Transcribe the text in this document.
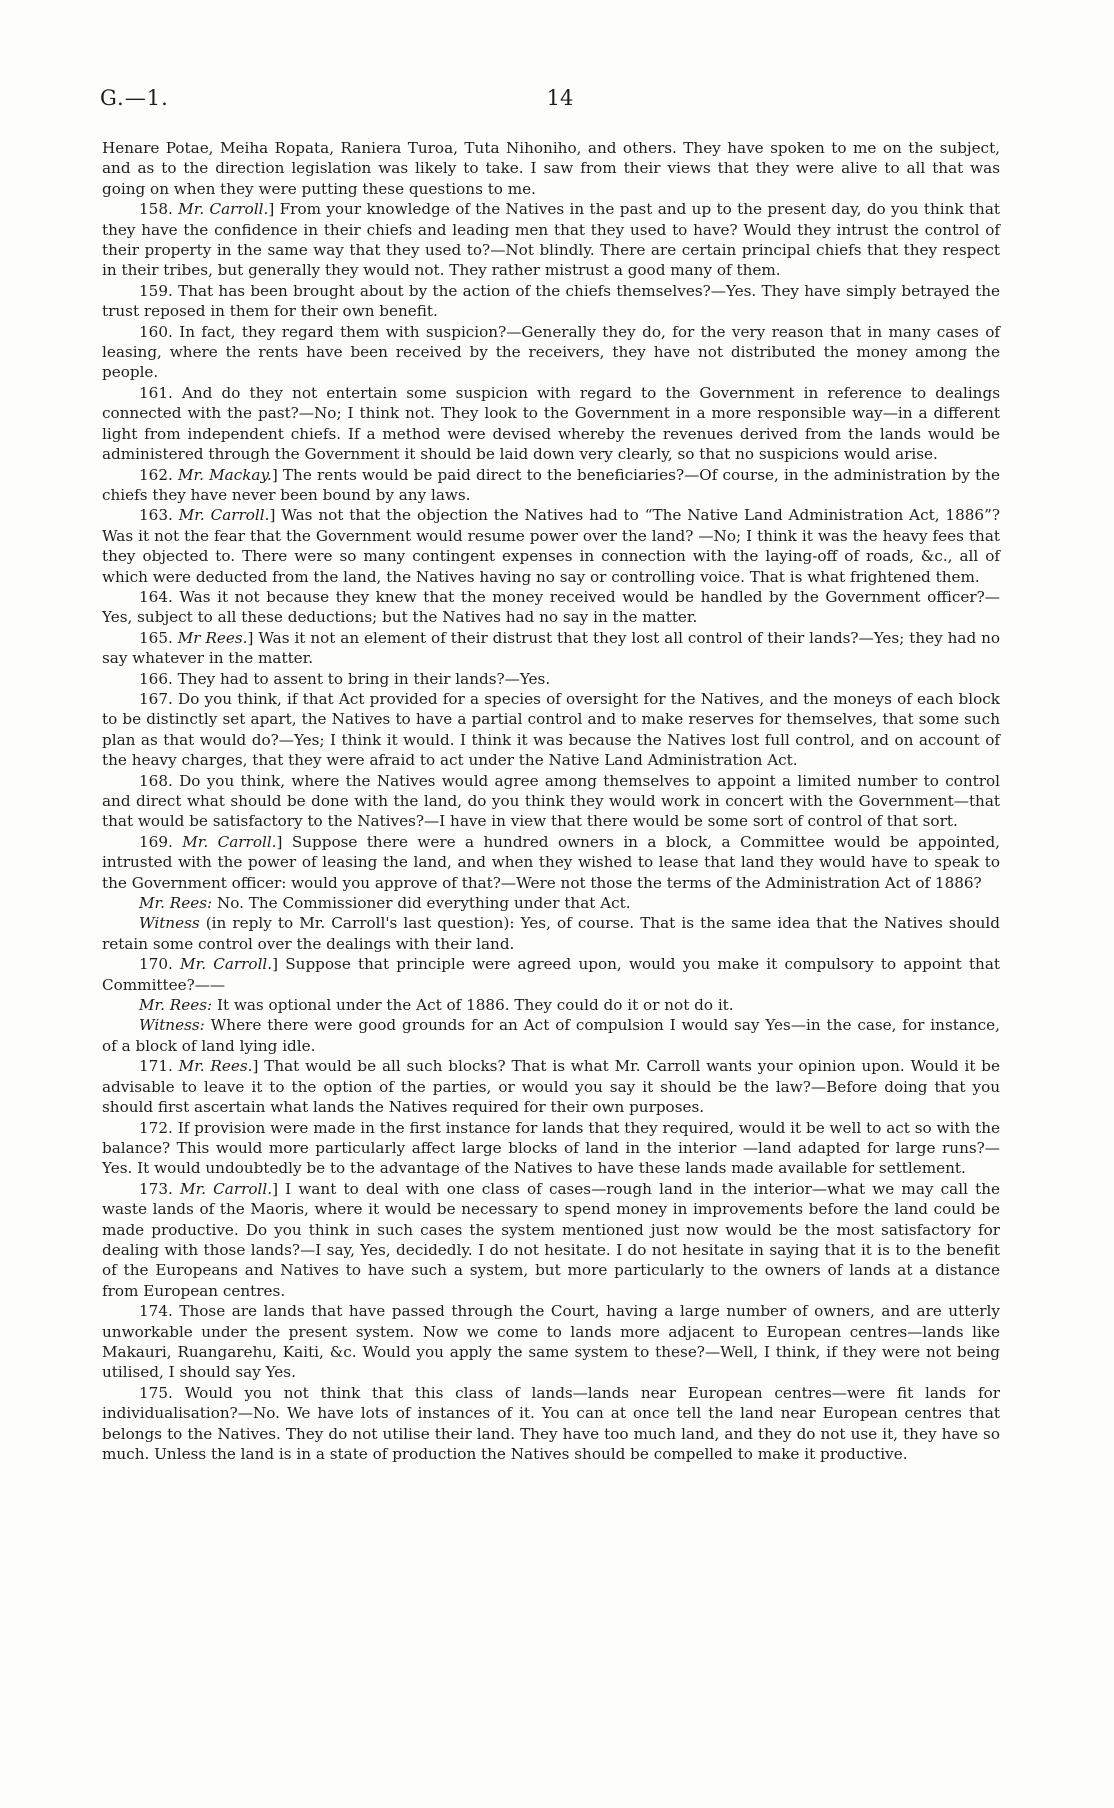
G.—1.	14

Henare Potae, Meiha Ropata, Raniera Turoa, Tuta Nihoniho, and others. They have spoken to me on the subject, and as to the direction legislation was likely to take. I saw from their views that they were alive to all that was going on when they were putting these questions to me.

158. Mr. Carroll.] From your knowledge of the Natives in the past and up to the present day, do you think that they have the confidence in their chiefs and leading men that they used to have? Would they intrust the control of their property in the same way that they used to?—Not blindly. There are certain principal chiefs that they respect in their tribes, but generally they would not. They rather mistrust a good many of them.

159. That has been brought about by the action of the chiefs themselves?—Yes. They have simply betrayed the trust reposed in them for their own benefit.

160. In fact, they regard them with suspicion?—Generally they do, for the very reason that in many cases of leasing, where the rents have been received by the receivers, they have not distributed the money among the people.

161. And do they not entertain some suspicion with regard to the Government in reference to dealings connected with the past?—No; I think not. They look to the Government in a more responsible way—in a different light from independent chiefs. If a method were devised whereby the revenues derived from the lands would be administered through the Government it should be laid down very clearly, so that no suspicions would arise.

162. Mr. Mackay.] The rents would be paid direct to the beneficiaries?—Of course, in the administration by the chiefs they have never been bound by any laws.

163. Mr. Carroll.] Was not that the objection the Natives had to “The Native Land Administration Act, 1886”? Was it not the fear that the Government would resume power over the land? —No; I think it was the heavy fees that they objected to. There were so many contingent expenses in connection with the laying-off of roads, &c., all of which were deducted from the land, the Natives having no say or controlling voice. That is what frightened them.

164. Was it not because they knew that the money received would be handled by the Government officer?—Yes, subject to all these deductions; but the Natives had no say in the matter.

165. Mr Rees.] Was it not an element of their distrust that they lost all control of their lands?—Yes; they had no say whatever in the matter.

166. They had to assent to bring in their lands?—Yes.

167. Do you think, if that Act provided for a species of oversight for the Natives, and the moneys of each block to be distinctly set apart, the Natives to have a partial control and to make reserves for themselves, that some such plan as that would do?—Yes; I think it would. I think it was because the Natives lost full control, and on account of the heavy charges, that they were afraid to act under the Native Land Administration Act.

168. Do you think, where the Natives would agree among themselves to appoint a limited number to control and direct what should be done with the land, do you think they would work in concert with the Government—that that would be satisfactory to the Natives?—I have in view that there would be some sort of control of that sort.

169. Mr. Carroll.] Suppose there were a hundred owners in a block, a Committee would be appointed, intrusted with the power of leasing the land, and when they wished to lease that land they would have to speak to the Government officer: would you approve of that?—Were not those the terms of the Administration Act of 1886?

Mr. Rees: No. The Commissioner did everything under that Act.

Witness (in reply to Mr. Carroll's last question): Yes, of course. That is the same idea that the Natives should retain some control over the dealings with their land.

170. Mr. Carroll.] Suppose that principle were agreed upon, would you make it compulsory to appoint that Committee?——

Mr. Rees: It was optional under the Act of 1886. They could do it or not do it.

Witness: Where there were good grounds for an Act of compulsion I would say Yes—in the case, for instance, of a block of land lying idle.

171. Mr. Rees.] That would be all such blocks? That is what Mr. Carroll wants your opinion upon. Would it be advisable to leave it to the option of the parties, or would you say it should be the law?—Before doing that you should first ascertain what lands the Natives required for their own purposes.

172. If provision were made in the first instance for lands that they required, would it be well to act so with the balance? This would more particularly affect large blocks of land in the interior —land adapted for large runs?—Yes. It would undoubtedly be to the advantage of the Natives to have these lands made available for settlement.

173. Mr. Carroll.] I want to deal with one class of cases—rough land in the interior—what we may call the waste lands of the Maoris, where it would be necessary to spend money in improvements before the land could be made productive. Do you think in such cases the system mentioned just now would be the most satisfactory for dealing with those lands?—I say, Yes, decidedly. I do not hesitate. I do not hesitate in saying that it is to the benefit of the Europeans and Natives to have such a system, but more particularly to the owners of lands at a distance from European centres.

174. Those are lands that have passed through the Court, having a large number of owners, and are utterly unworkable under the present system. Now we come to lands more adjacent to European centres—lands like Makauri, Ruangarehu, Kaiti, &c. Would you apply the same system to these?—Well, I think, if they were not being utilised, I should say Yes.

175. Would you not think that this class of lands—lands near European centres—were fit lands for individualisation?—No. We have lots of instances of it. You can at once tell the land near European centres that belongs to the Natives. They do not utilise their land. They have too much land, and they do not use it, they have so much. Unless the land is in a state of production the Natives should be compelled to make it productive.
